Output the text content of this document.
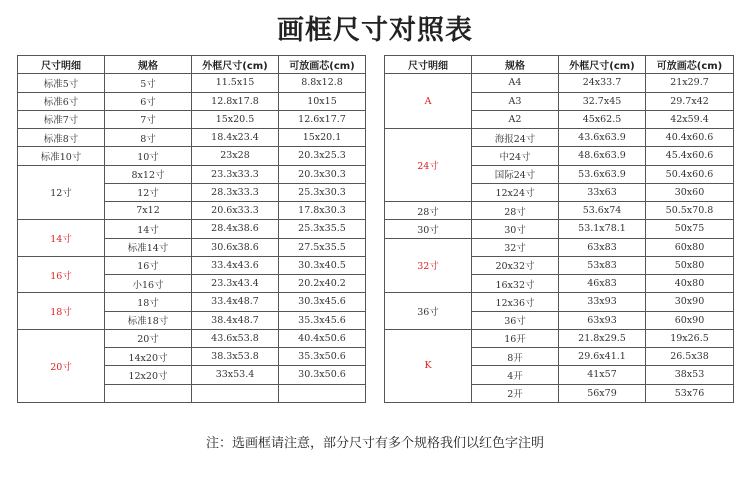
画框尺寸对照表
尺寸明细	规格	外框尺寸(cm)	可放画芯(cm)
标准5寸	5寸	11.5x15	8.8x12.8
标准6寸	6寸	12.8x17.8	10x15
标准7寸	7寸	15x20.5	12.6x17.7
标准8寸	8寸	18.4x23.4	15x20.1
标准10寸	10寸	23x28	20.3x25.3
12寸	8x12寸	23.3x33.3	20.3x30.3
	12寸	28.3x33.3	25.3x30.3
	7x12	20.6x33.3	17.8x30.3
14寸	14寸	28.4x38.6	25.3x35.5
	标准14寸	30.6x38.6	27.5x35.5
16寸	16寸	33.4x43.6	30.3x40.5
	小16寸	23.3x43.4	20.2x40.2
18寸	18寸	33.4x48.7	30.3x45.6
	标准18寸	38.4x48.7	35.3x45.6
20寸	20寸	43.6x53.8	40.4x50.6
	14x20寸	38.3x53.8	35.3x50.6
	12x20寸	33x53.4	30.3x50.6

尺寸明细	规格	外框尺寸(cm)	可放画芯(cm)
A	A4	24x33.7	21x29.7
	A3	32.7x45	29.7x42
	A2	45x62.5	42x59.4
24寸	海报24寸	43.6x63.9	40.4x60.6
	中24寸	48.6x63.9	45.4x60.6
	国际24寸	53.6x63.9	50.4x60.6
	12x24寸	33x63	30x60
28寸	28寸	53.6x74	50.5x70.8
30寸	30寸	53.1x78.1	50x75
32寸	32寸	63x83	60x80
	20x32寸	53x83	50x80
	16x32寸	46x83	40x80
36寸	12x36寸	33x93	30x90
	36寸	63x93	60x90
K	16开	21.8x29.5	19x26.5
	8开	29.6x41.1	26.5x38
	4开	41x57	38x53
	2开	56x79	53x76
注：选画框请注意，部分尺寸有多个规格我们以红色字注明
